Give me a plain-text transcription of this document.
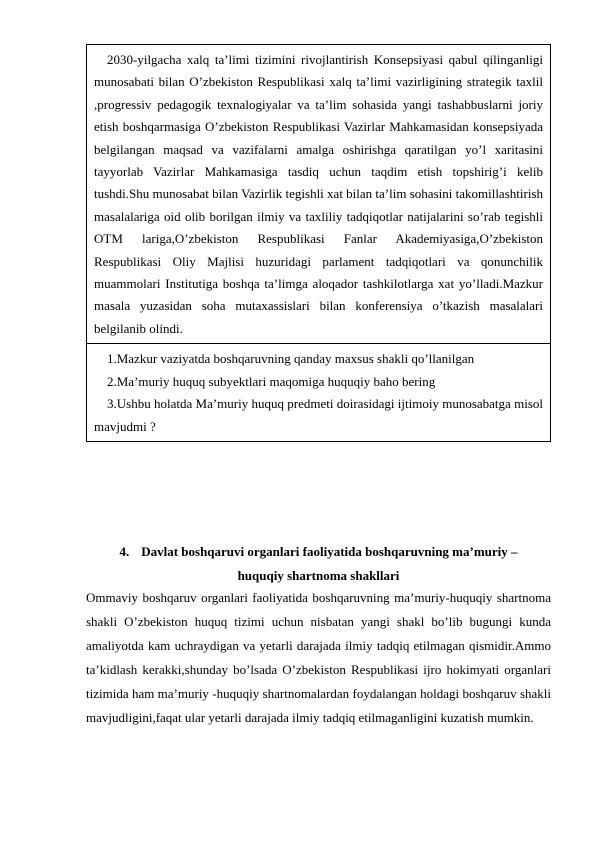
2030-yilgacha xalq ta’limi tizimini rivojlantirish Konsepsiyasi qabul qilinganligi munosabati bilan O’zbekiston Respublikasi xalq ta’limi vazirligining strategik taxlil ,progressiv pedagogik texnalogiyalar va ta’lim sohasida yangi tashabbuslarni joriy etish boshqarmasiga O’zbekiston Respublikasi Vazirlar Mahkamasidan konsepsiyada belgilangan maqsad va vazifalarni amalga oshirishga qaratilgan yo’l xaritasini tayyorlab Vazirlar Mahkamasiga tasdiq uchun taqdim etish topshirig’i kelib tushdi.Shu munosabat bilan Vazirlik tegishli xat bilan ta’lim sohasini takomillashtirish masalalariga oid olib borilgan ilmiy va taxliliy tadqiqotlar natijalarini so’rab tegishli OTM lariga,O’zbekiston Respublikasi Fanlar Akademiyasiga,O’zbekiston Respublikasi Oliy Majlisi huzuridagi parlament tadqiqotlari va qonunchilik muammolari Institutiga boshqa ta’limga aloqador tashkilotlarga xat yo’lladi.Mazkur masala yuzasidan soha mutaxassislari bilan konferensiya o’tkazish masalalari belgilanib olindi.

1.Mazkur vaziyatda boshqaruvning qanday maxsus shakli qo’llanilgan

2.Ma’muriy huquq subyektlari maqomiga huquqiy baho bering

3.Ushbu holatda Ma’muriy huquq predmeti doirasidagi ijtimoiy munosabatga misol mavjudmi ?

4. Davlat boshqaruvi organlari faoliyatida boshqaruvning ma’muriy –
huquqiy shartnoma shakllari

Ommaviy boshqaruv organlari faoliyatida boshqaruvning ma’muriy-huquqiy shartnoma shakli O’zbekiston huquq tizimi uchun nisbatan yangi shakl bo’lib bugungi kunda amaliyotda kam uchraydigan va yetarli darajada ilmiy tadqiq etilmagan qismidir.Ammo ta’kidlash kerakki,shunday bo’lsada O’zbekiston Respublikasi ijro hokimyati organlari tizimida ham ma’muriy -huquqiy shartnomalardan foydalangan holdagi boshqaruv shakli mavjudligini,faqat ular yetarli darajada ilmiy tadqiq etilmaganligini kuzatish mumkin.
